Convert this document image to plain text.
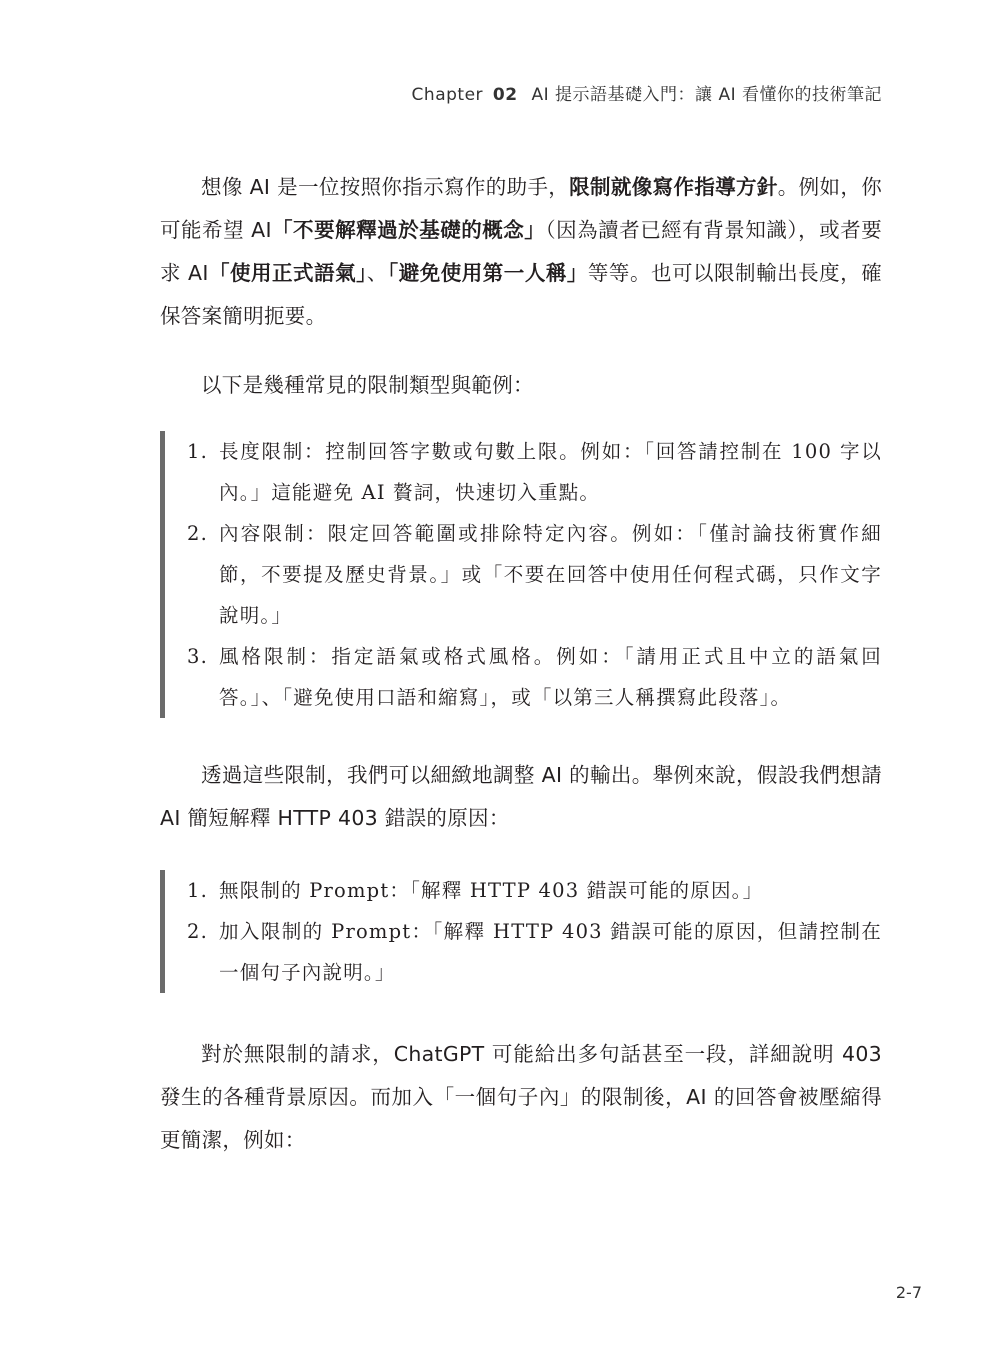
Chapter 02 AI 提示語基礎入門：讓 AI 看懂你的技術筆記

想像 AI 是一位按照你指示寫作的助手，限制就像寫作指導方針。例如，你可能希望 AI「不要解釋過於基礎的概念」（因為讀者已經有背景知識），或者要求 AI「使用正式語氣」、「避免使用第一人稱」等等。也可以限制輸出長度，確保答案簡明扼要。

以下是幾種常見的限制類型與範例：

1. 長度限制：控制回答字數或句數上限。例如：「回答請控制在 100 字以內。」這能避免 AI 贅詞，快速切入重點。
2. 內容限制：限定回答範圍或排除特定內容。例如：「僅討論技術實作細節，不要提及歷史背景。」或「不要在回答中使用任何程式碼，只作文字說明。」
3. 風格限制：指定語氣或格式風格。例如：「請用正式且中立的語氣回答。」、「避免使用口語和縮寫」，或「以第三人稱撰寫此段落」。

透過這些限制，我們可以細緻地調整 AI 的輸出。舉例來說，假設我們想請 AI 簡短解釋 HTTP 403 錯誤的原因：

1. 無限制的 Prompt：「解釋 HTTP 403 錯誤可能的原因。」
2. 加入限制的 Prompt：「解釋 HTTP 403 錯誤可能的原因，但請控制在一個句子內說明。」

對於無限制的請求，ChatGPT 可能給出多句話甚至一段，詳細說明 403 發生的各種背景原因。而加入「一個句子內」的限制後，AI 的回答會被壓縮得更簡潔，例如：

2-7
